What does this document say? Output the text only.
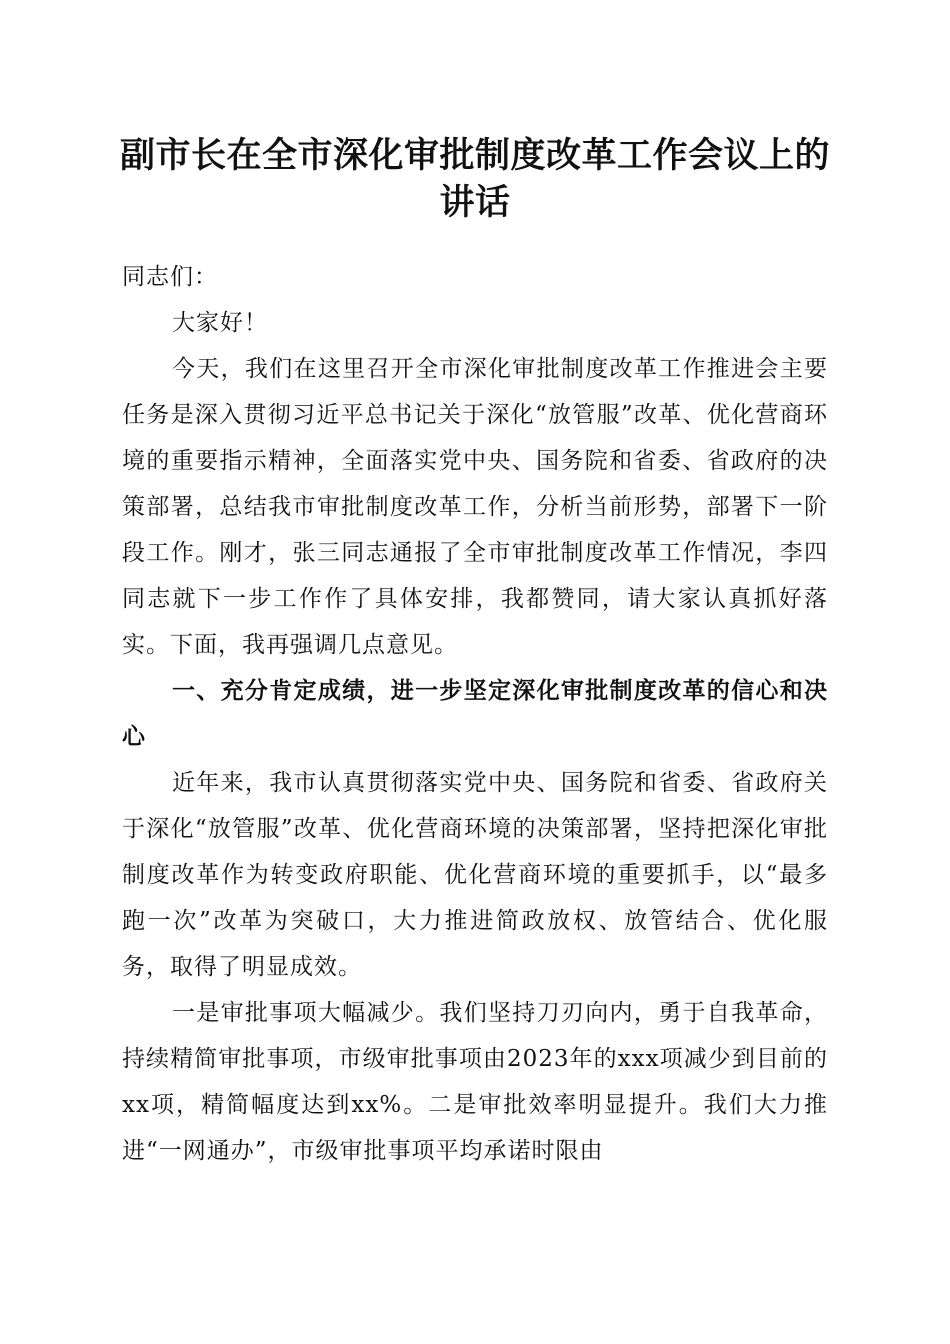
副市长在全市深化审批制度改革工作会议上的讲话

同志们：

大家好！

今天，我们在这里召开全市深化审批制度改革工作推进会主要任务是深入贯彻习近平总书记关于深化“放管服”改革、优化营商环境的重要指示精神，全面落实党中央、国务院和省委、省政府的决策部署，总结我市审批制度改革工作，分析当前形势，部署下一阶段工作。刚才，张三同志通报了全市审批制度改革工作情况，李四同志就下一步工作作了具体安排，我都赞同，请大家认真抓好落实。下面，我再强调几点意见。

一、充分肯定成绩，进一步坚定深化审批制度改革的信心和决心

近年来，我市认真贯彻落实党中央、国务院和省委、省政府关于深化“放管服”改革、优化营商环境的决策部署，坚持把深化审批制度改革作为转变政府职能、优化营商环境的重要抓手，以“最多跑一次”改革为突破口，大力推进简政放权、放管结合、优化服务，取得了明显成效。

一是审批事项大幅减少。我们坚持刀刃向内，勇于自我革命，持续精简审批事项，市级审批事项由2023年的xxx项减少到目前的xx项，精简幅度达到xx%。二是审批效率明显提升。我们大力推进“一网通办”，市级审批事项平均承诺时限由
